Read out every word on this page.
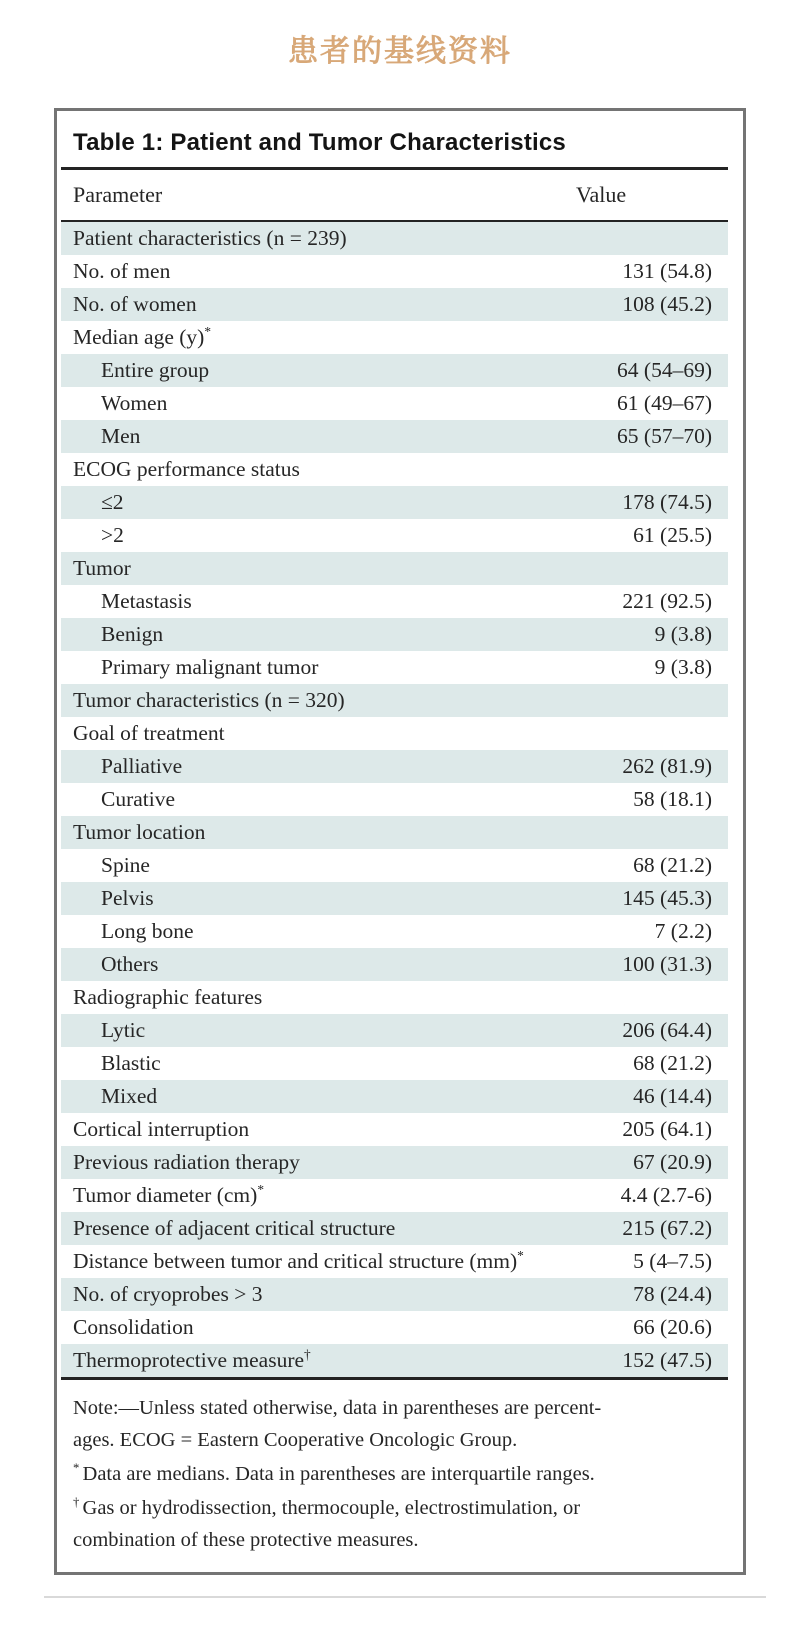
患者的基线资料
Table 1: Patient and Tumor Characteristics
Parameter	Value
Patient characteristics (n = 239)
No. of men	131 (54.8)
No. of women	108 (45.2)
Median age (y)*
Entire group	64 (54–69)
Women	61 (49–67)
Men	65 (57–70)
ECOG performance status
≤2	178 (74.5)
>2	61 (25.5)
Tumor
Metastasis	221 (92.5)
Benign	9 (3.8)
Primary malignant tumor	9 (3.8)
Tumor characteristics (n = 320)
Goal of treatment
Palliative	262 (81.9)
Curative	58 (18.1)
Tumor location
Spine	68 (21.2)
Pelvis	145 (45.3)
Long bone	7 (2.2)
Others	100 (31.3)
Radiographic features
Lytic	206 (64.4)
Blastic	68 (21.2)
Mixed	46 (14.4)
Cortical interruption	205 (64.1)
Previous radiation therapy	67 (20.9)
Tumor diameter (cm)*	4.4 (2.7-6)
Presence of adjacent critical structure	215 (67.2)
Distance between tumor and critical structure (mm)*	5 (4–7.5)
No. of cryoprobes > 3	78 (24.4)
Consolidation	66 (20.6)
Thermoprotective measure†	152 (47.5)
Note:—Unless stated otherwise, data in parentheses are percent-
ages. ECOG = Eastern Cooperative Oncologic Group.
* Data are medians. Data in parentheses are interquartile ranges.
† Gas or hydrodissection, thermocouple, electrostimulation, or
combination of these protective measures.
